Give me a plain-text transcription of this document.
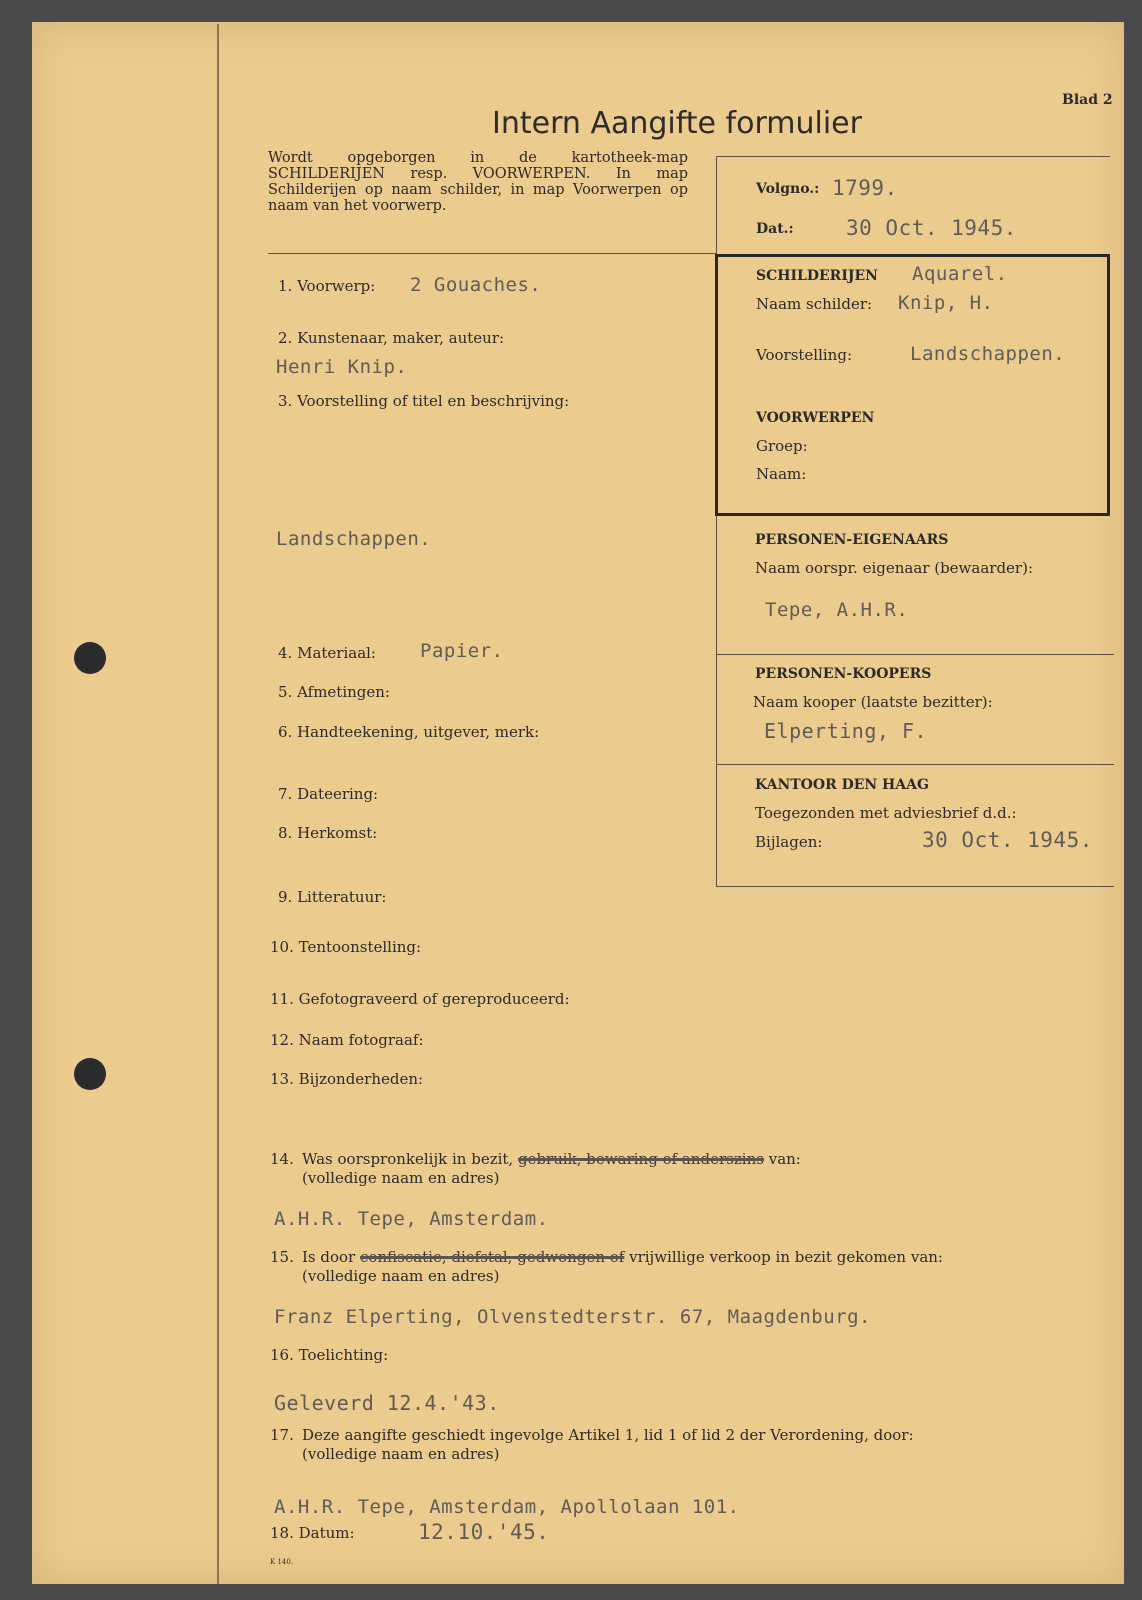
Blad 2
Intern Aangifte formulier
Wordt opgeborgen in de kartotheek-map SCHILDERIJEN resp. VOORWERPEN. In map Schilderijen op naam schilder, in map Voorwerpen op naam van het voorwerp.
Volgno.: 1799.
Dat.: 30 Oct. 1945.
SCHILDERIJEN Aquarel.
Naam schilder: Knip, H.
Voorstelling:	Landschappen.
VOORWERPEN
Groep:
Naam:
PERSONEN-EIGENAARS
Naam oorspr. eigenaar (bewaarder):
Tepe, A.H.R.
PERSONEN-KOOPERS
Naam kooper (laatste bezitter):
Elperting, F.
KANTOOR DEN HAAG
Toegezonden met adviesbrief d.d.:
Bijlagen:	30 Oct. 1945.
1. Voorwerp: 2 Gouaches.
2. Kunstenaar, maker, auteur:
Henri Knip.
3. Voorstelling of titel en beschrijving:
Landschappen.
4. Materiaal: Papier.
5. Afmetingen:
6. Handteekening, uitgever, merk:
7. Dateering:
8. Herkomst:
9. Litteratuur:
10. Tentoonstelling:
11. Gefotograveerd of gereproduceerd:
12. Naam fotograaf:
13. Bijzonderheden:
14. Was oorspronkelijk in bezit, gebruik, bewaring of anderszins van:
(volledige naam en adres)
A.H.R. Tepe, Amsterdam.
15. Is door confiscatie, diefstal, gedwongen of vrijwillige verkoop in bezit gekomen van:
(volledige naam en adres)
Franz Elperting, Olvenstedterstr. 67, Maagdenburg.
16. Toelichting:
Geleverd 12.4.'43.
17. Deze aangifte geschiedt ingevolge Artikel 1, lid 1 of lid 2 der Verordening, door:
(volledige naam en adres)
A.H.R. Tepe, Amsterdam, Apollolaan 101.
18. Datum:	12.10.'45.
K 140.
